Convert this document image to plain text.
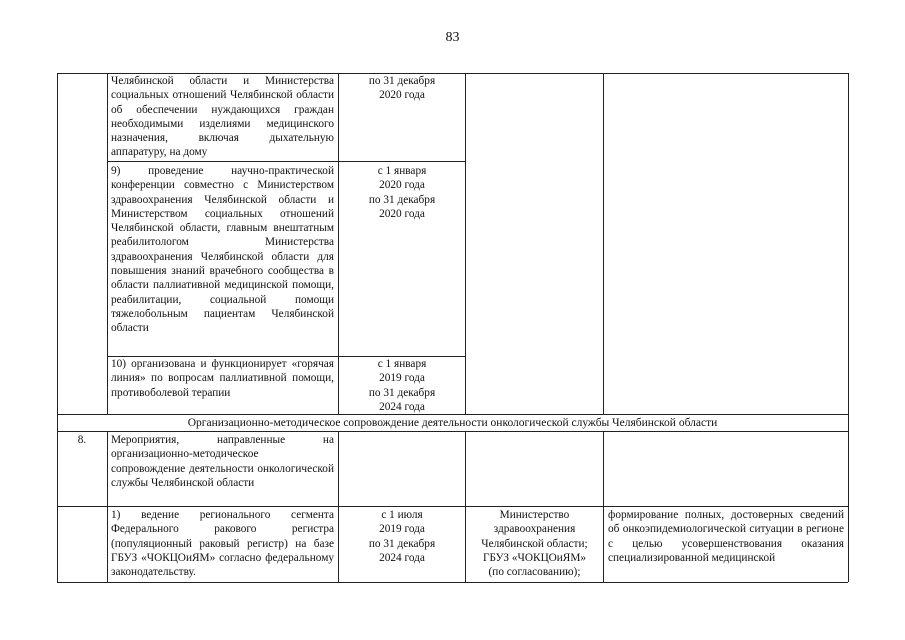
83
Челябинской области и Министерства социальных отношений Челябинской области об обеспечении нуждающихся граждан необходимыми изделиями медицинского назначения, включая дыхательную аппаратуру, на дому
по 31 декабря
2020 года
9) проведение научно-практической конференции совместно с Министерством здравоохранения Челябинской области и Министерством социальных отношений Челябинской области, главным внештатным реабилитологом Министерства здравоохранения Челябинской области для повышения знаний врачебного сообщества в области паллиативной медицинской помощи, реабилитации, социальной помощи тяжелобольным пациентам Челябинской области
с 1 января
2020 года
по 31 декабря
2020 года
10) организована и функционирует «горячая линия» по вопросам паллиативной помощи, противоболевой терапии
с 1 января
2019 года
по 31 декабря
2024 года
Организационно-методическое сопровождение деятельности онкологической службы Челябинской области
8.	Мероприятия, направленные на организационно-методическое сопровождение деятельности онкологической службы Челябинской области
1) ведение регионального сегмента Федерального ракового регистра (популяционный раковый регистр) на базе ГБУЗ «ЧОКЦОиЯМ» согласно федеральному законодательству.
с 1 июля
2019 года
по 31 декабря
2024 года
Министерство
здравоохранения
Челябинской области;
ГБУЗ «ЧОКЦОиЯМ»
(по согласованию);
формирование полных, достоверных сведений об онкоэпидемиологической ситуации в регионе с целью усовершенствования оказания специализированной медицинской
